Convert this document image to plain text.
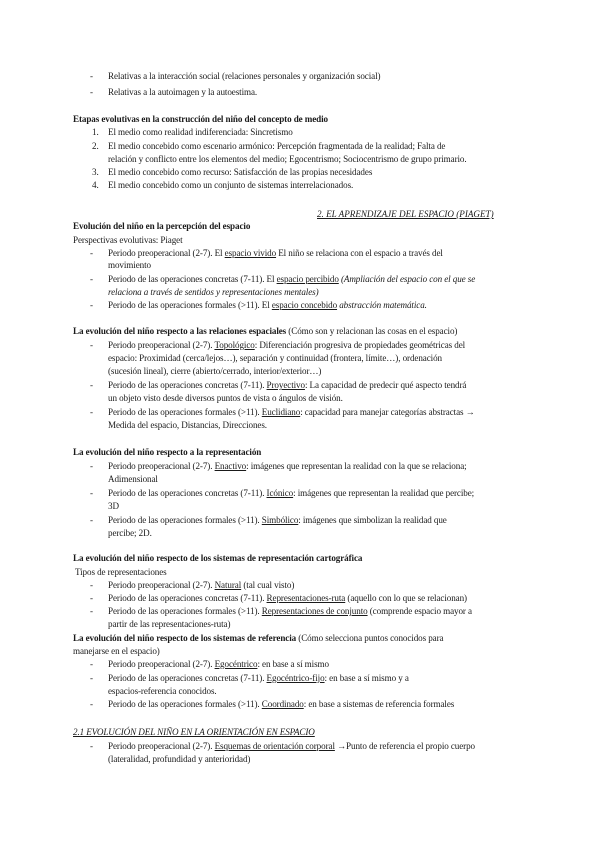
- Relativas a la interacción social (relaciones personales y organización social)
- Relativas a la autoimagen y la autoestima.
Etapas evolutivas en la construcción del niño del concepto de medio
1. El medio como realidad indiferenciada: Sincretismo
2. El medio concebido como escenario armónico: Percepción fragmentada de la realidad; Falta de
relación y conflicto entre los elementos del medio; Egocentrismo; Sociocentrismo de grupo primario.
3. El medio concebido como recurso: Satisfacción de las propias necesidades
4. El medio concebido como un conjunto de sistemas interrelacionados.
2. EL APRENDIZAJE DEL ESPACIO (PIAGET)
Evolución del niño en la percepción del espacio
Perspectivas evolutivas: Piaget
- Periodo preoperacional (2-7). El espacio vivido El niño se relaciona con el espacio a través del
movimiento
- Periodo de las operaciones concretas (7-11). El espacio percibido (Ampliación del espacio con el que se
relaciona a través de sentidos y representaciones mentales)
- Periodo de las operaciones formales (>11). El espacio concebido abstracción matemática.
La evolución del niño respecto a las relaciones espaciales (Cómo son y relacionan las cosas en el espacio)
- Periodo preoperacional (2-7). Topológico: Diferenciación progresiva de propiedades geométricas del
espacio: Proximidad (cerca/lejos…), separación y continuidad (frontera, límite…), ordenación
(sucesión lineal), cierre (abierto/cerrado, interior/exterior…)
- Periodo de las operaciones concretas (7-11). Proyectivo: La capacidad de predecir qué aspecto tendrá
un objeto visto desde diversos puntos de vista o ángulos de visión.
- Periodo de las operaciones formales (>11). Euclidiano: capacidad para manejar categorías abstractas →
Medida del espacio, Distancias, Direcciones.
La evolución del niño respecto a la representación
- Periodo preoperacional (2-7). Enactivo: imágenes que representan la realidad con la que se relaciona;
Adimensional
- Periodo de las operaciones concretas (7-11). Icónico: imágenes que representan la realidad que percibe;
3D
- Periodo de las operaciones formales (>11). Simbólico: imágenes que simbolizan la realidad que
percibe; 2D.
La evolución del niño respecto de los sistemas de representación cartográfica
Tipos de representaciones
- Periodo preoperacional (2-7). Natural (tal cual visto)
- Periodo de las operaciones concretas (7-11). Representaciones-ruta (aquello con lo que se relacionan)
- Periodo de las operaciones formales (>11). Representaciones de conjunto (comprende espacio mayor a
partir de las representaciones-ruta)
La evolución del niño respecto de los sistemas de referencia (Cómo selecciona puntos conocidos para
manejarse en el espacio)
- Periodo preoperacional (2-7). Egocéntrico: en base a sí mismo
- Periodo de las operaciones concretas (7-11). Egocéntrico-fijo: en base a sí mismo y a
espacios-referencia conocidos.
- Periodo de las operaciones formales (>11). Coordinado: en base a sistemas de referencia formales
2.1 EVOLUCIÓN DEL NIÑO EN LA ORIENTACIÓN EN ESPACIO
- Periodo preoperacional (2-7). Esquemas de orientación corporal →Punto de referencia el propio cuerpo
(lateralidad, profundidad y anterioridad)
